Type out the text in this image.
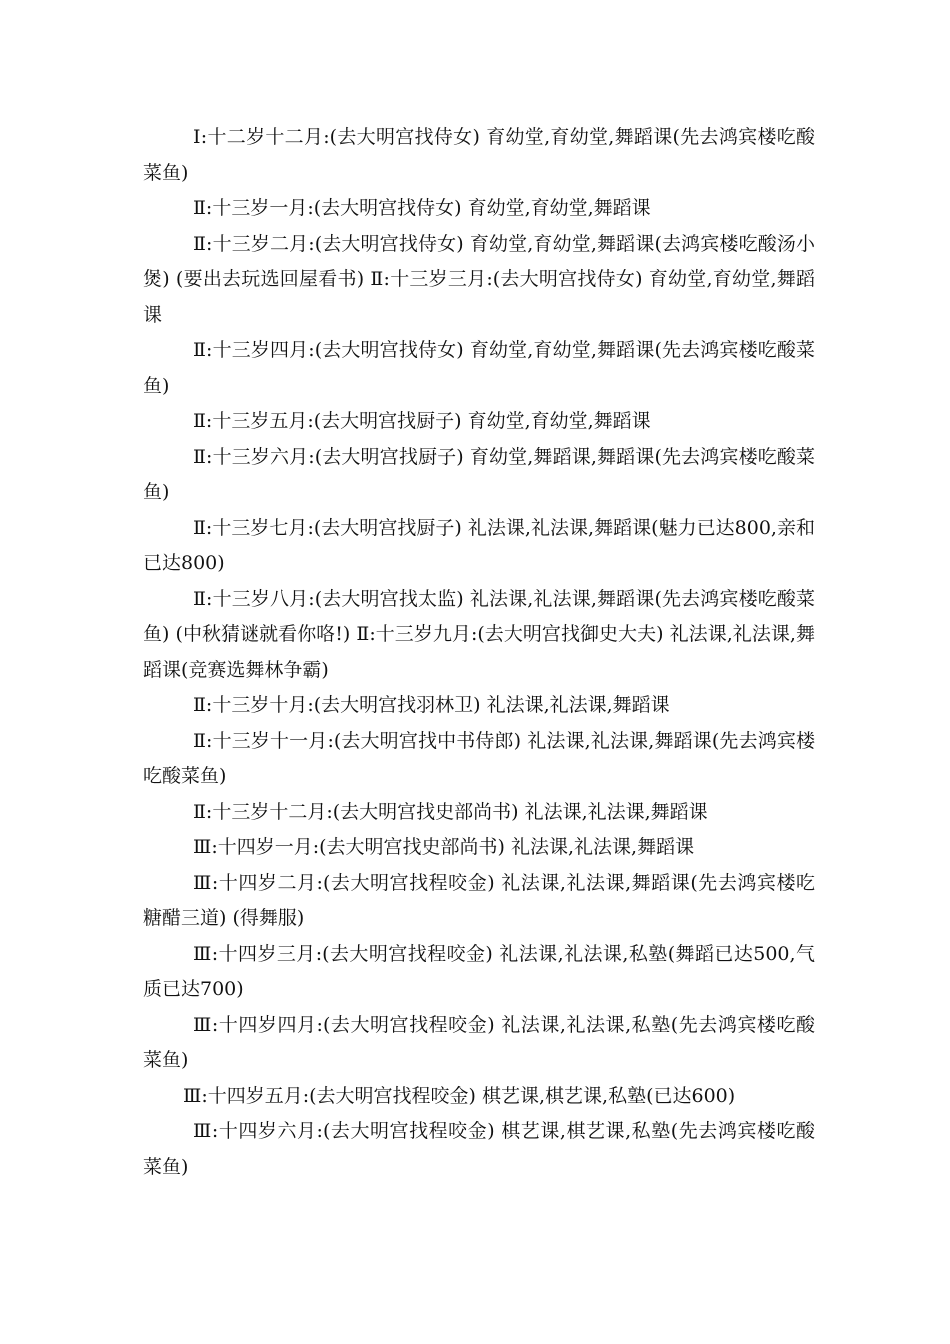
Ⅰ:十二岁十二月:(去大明宫找侍女) 育幼堂,育幼堂,舞蹈课(先去鸿宾楼吃酸菜鱼)

Ⅱ:十三岁一月:(去大明宫找侍女) 育幼堂,育幼堂,舞蹈课

Ⅱ:十三岁二月:(去大明宫找侍女) 育幼堂,育幼堂,舞蹈课(去鸿宾楼吃酸汤小煲) (要出去玩选回屋看书) Ⅱ:十三岁三月:(去大明宫找侍女) 育幼堂,育幼堂,舞蹈课

Ⅱ:十三岁四月:(去大明宫找侍女) 育幼堂,育幼堂,舞蹈课(先去鸿宾楼吃酸菜鱼)

Ⅱ:十三岁五月:(去大明宫找厨子) 育幼堂,育幼堂,舞蹈课

Ⅱ:十三岁六月:(去大明宫找厨子) 育幼堂,舞蹈课,舞蹈课(先去鸿宾楼吃酸菜鱼)

Ⅱ:十三岁七月:(去大明宫找厨子) 礼法课,礼法课,舞蹈课(魅力已达800,亲和已达800)

Ⅱ:十三岁八月:(去大明宫找太监) 礼法课,礼法课,舞蹈课(先去鸿宾楼吃酸菜鱼) (中秋猜谜就看你咯!) Ⅱ:十三岁九月:(去大明宫找御史大夫) 礼法课,礼法课,舞蹈课(竞赛选舞林争霸)

Ⅱ:十三岁十月:(去大明宫找羽林卫) 礼法课,礼法课,舞蹈课

Ⅱ:十三岁十一月:(去大明宫找中书侍郎) 礼法课,礼法课,舞蹈课(先去鸿宾楼吃酸菜鱼)

Ⅱ:十三岁十二月:(去大明宫找史部尚书) 礼法课,礼法课,舞蹈课

Ⅲ:十四岁一月:(去大明宫找史部尚书) 礼法课,礼法课,舞蹈课

Ⅲ:十四岁二月:(去大明宫找程咬金) 礼法课,礼法课,舞蹈课(先去鸿宾楼吃糖醋三道) (得舞服)

Ⅲ:十四岁三月:(去大明宫找程咬金) 礼法课,礼法课,私塾(舞蹈已达500,气质已达700)

Ⅲ:十四岁四月:(去大明宫找程咬金) 礼法课,礼法课,私塾(先去鸿宾楼吃酸菜鱼)

Ⅲ:十四岁五月:(去大明宫找程咬金) 棋艺课,棋艺课,私塾(已达600)

Ⅲ:十四岁六月:(去大明宫找程咬金) 棋艺课,棋艺课,私塾(先去鸿宾楼吃酸菜鱼)
